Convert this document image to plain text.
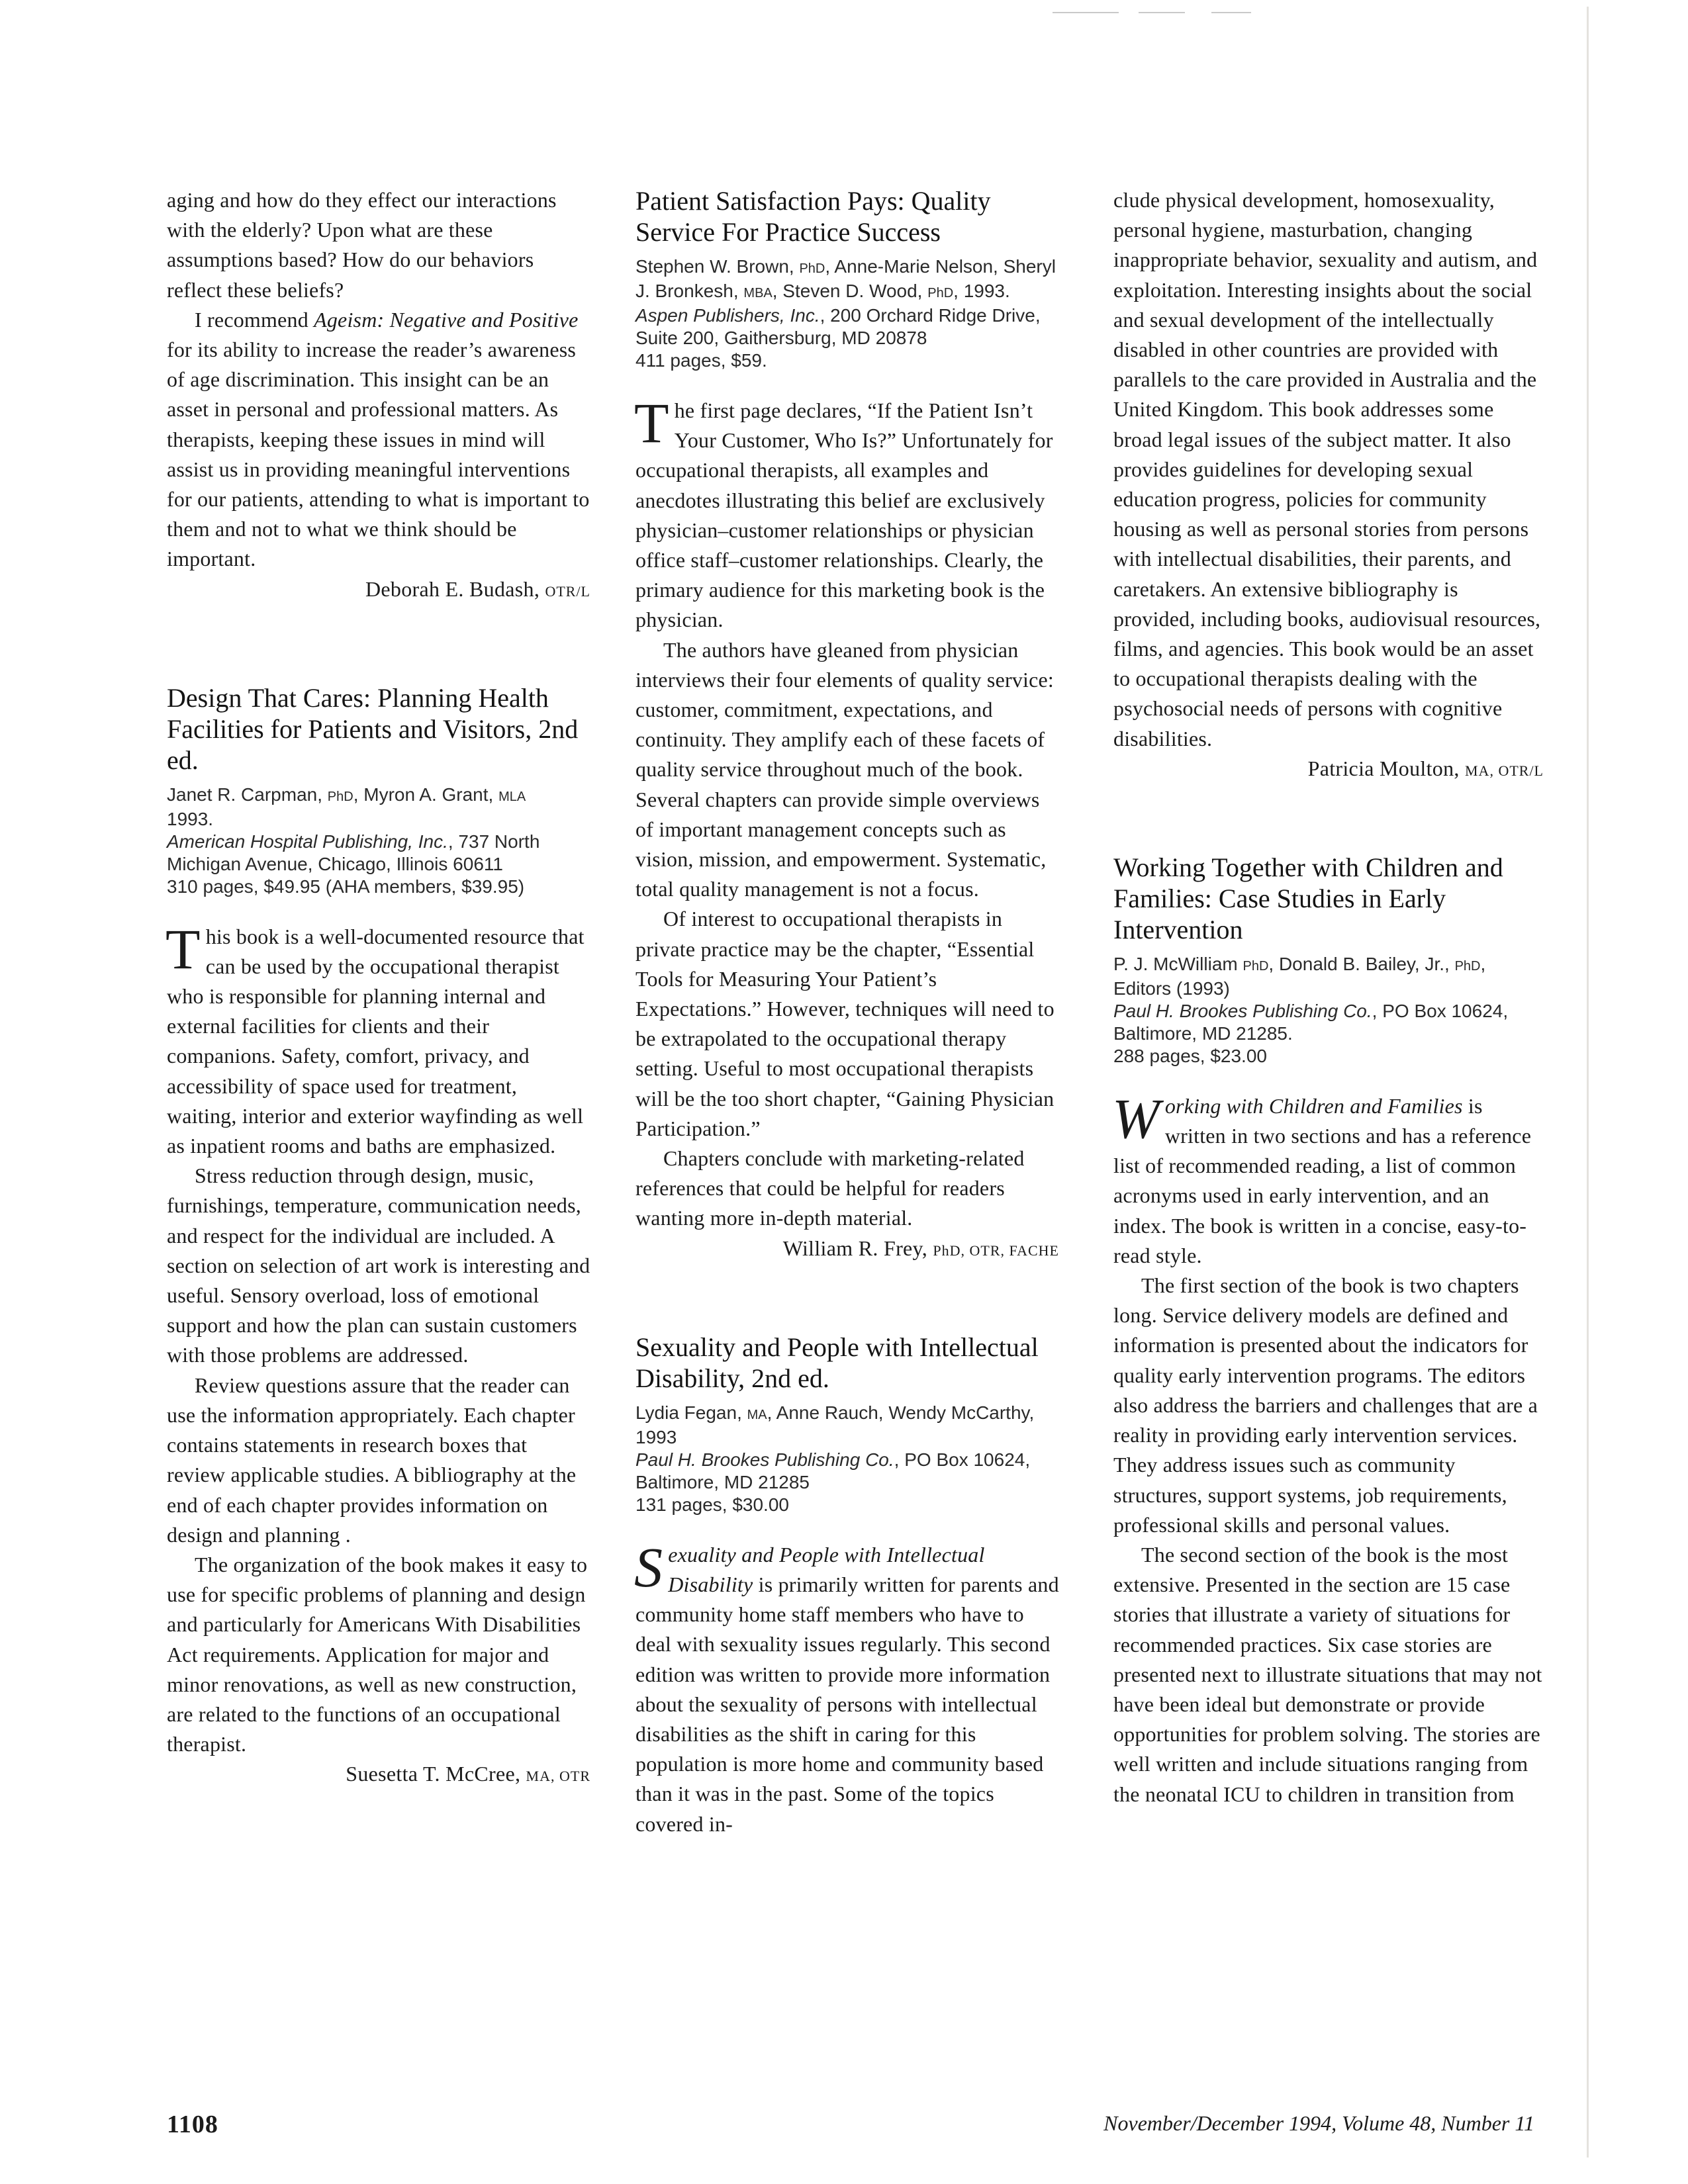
aging and how do they effect our interactions with the elderly? Upon what are these assumptions based? How do our behaviors reflect these beliefs?

I recommend Ageism: Negative and Positive for its ability to increase the reader’s awareness of age discrimination. This insight can be an asset in personal and professional matters. As therapists, keeping these issues in mind will assist us in providing meaningful interventions for our patients, attending to what is important to them and not to what we think should be important.

Deborah E. Budash, OTR/L

Design That Cares: Planning Health Facilities for Patients and Visitors, 2nd ed.
Janet R. Carpman, PhD, Myron A. Grant, MLA
1993.
American Hospital Publishing, Inc., 737 North Michigan Avenue, Chicago, Illinois 60611
310 pages, $49.95 (AHA members, $39.95)

This book is a well-documented resource that can be used by the occupational therapist who is responsible for planning internal and external facilities for clients and their companions. Safety, comfort, privacy, and accessibility of space used for treatment, waiting, interior and exterior wayfinding as well as inpatient rooms and baths are emphasized.

Stress reduction through design, music, furnishings, temperature, communication needs, and respect for the individual are included. A section on selection of art work is interesting and useful. Sensory overload, loss of emotional support and how the plan can sustain customers with those problems are addressed.

Review questions assure that the reader can use the information appropriately. Each chapter contains statements in research boxes that review applicable studies. A bibliography at the end of each chapter provides information on design and planning .

The organization of the book makes it easy to use for specific problems of planning and design and particularly for Americans With Disabilities Act requirements. Application for major and minor renovations, as well as new construction, are related to the functions of an occupational therapist.

Suesetta T. McCree, MA, OTR

Patient Satisfaction Pays: Quality Service For Practice Success
Stephen W. Brown, PhD, Anne-Marie Nelson, Sheryl J. Bronkesh, MBA, Steven D. Wood, PhD, 1993.
Aspen Publishers, Inc., 200 Orchard Ridge Drive, Suite 200, Gaithersburg, MD 20878
411 pages, $59.

The first page declares, “If the Patient Isn’t Your Customer, Who Is?” Unfortunately for occupational therapists, all examples and anecdotes illustrating this belief are exclusively physician–customer relationships or physician office staff–customer relationships. Clearly, the primary audience for this marketing book is the physician.

The authors have gleaned from physician interviews their four elements of quality service: customer, commitment, expectations, and continuity. They amplify each of these facets of quality service throughout much of the book. Several chapters can provide simple overviews of important management concepts such as vision, mission, and empowerment. Systematic, total quality management is not a focus.

Of interest to occupational therapists in private practice may be the chapter, “Essential Tools for Measuring Your Patient’s Expectations.” However, techniques will need to be extrapolated to the occupational therapy setting. Useful to most occupational therapists will be the too short chapter, “Gaining Physician Participation.”

Chapters conclude with marketing-related references that could be helpful for readers wanting more in-depth material.

William R. Frey, PhD, OTR, FACHE

Sexuality and People with Intellectual Disability, 2nd ed.
Lydia Fegan, MA, Anne Rauch, Wendy McCarthy, 1993
Paul H. Brookes Publishing Co., PO Box 10624, Baltimore, MD 21285
131 pages, $30.00

Sexuality and People with Intellectual Disability is primarily written for parents and community home staff members who have to deal with sexuality issues regularly. This second edition was written to provide more information about the sexuality of persons with intellectual disabilities as the shift in caring for this population is more home and community based than it was in the past. Some of the topics covered in-

clude physical development, homosexuality, personal hygiene, masturbation, changing inappropriate behavior, sexuality and autism, and exploitation. Interesting insights about the social and sexual development of the intellectually disabled in other countries are provided with parallels to the care provided in Australia and the United Kingdom. This book addresses some broad legal issues of the subject matter. It also provides guidelines for developing sexual education progress, policies for community housing as well as personal stories from persons with intellectual disabilities, their parents, and caretakers. An extensive bibliography is provided, including books, audiovisual resources, films, and agencies. This book would be an asset to occupational therapists dealing with the psychosocial needs of persons with cognitive disabilities.

Patricia Moulton, MA, OTR/L

Working Together with Children and Families: Case Studies in Early Intervention
P. J. McWilliam PhD, Donald B. Bailey, Jr., PhD, Editors (1993)
Paul H. Brookes Publishing Co., PO Box 10624, Baltimore, MD 21285.
288 pages, $23.00

Working with Children and Families is written in two sections and has a reference list of recommended reading, a list of common acronyms used in early intervention, and an index. The book is written in a concise, easy-to-read style.

The first section of the book is two chapters long. Service delivery models are defined and information is presented about the indicators for quality early intervention programs. The editors also address the barriers and challenges that are a reality in providing early intervention services. They address issues such as community structures, support systems, job requirements, professional skills and personal values.

The second section of the book is the most extensive. Presented in the section are 15 case stories that illustrate a variety of situations for recommended practices. Six case stories are presented next to illustrate situations that may not have been ideal but demonstrate or provide opportunities for problem solving. The stories are well written and include situations ranging from the neonatal ICU to children in transition from

1108	November/December 1994, Volume 48, Number 11
